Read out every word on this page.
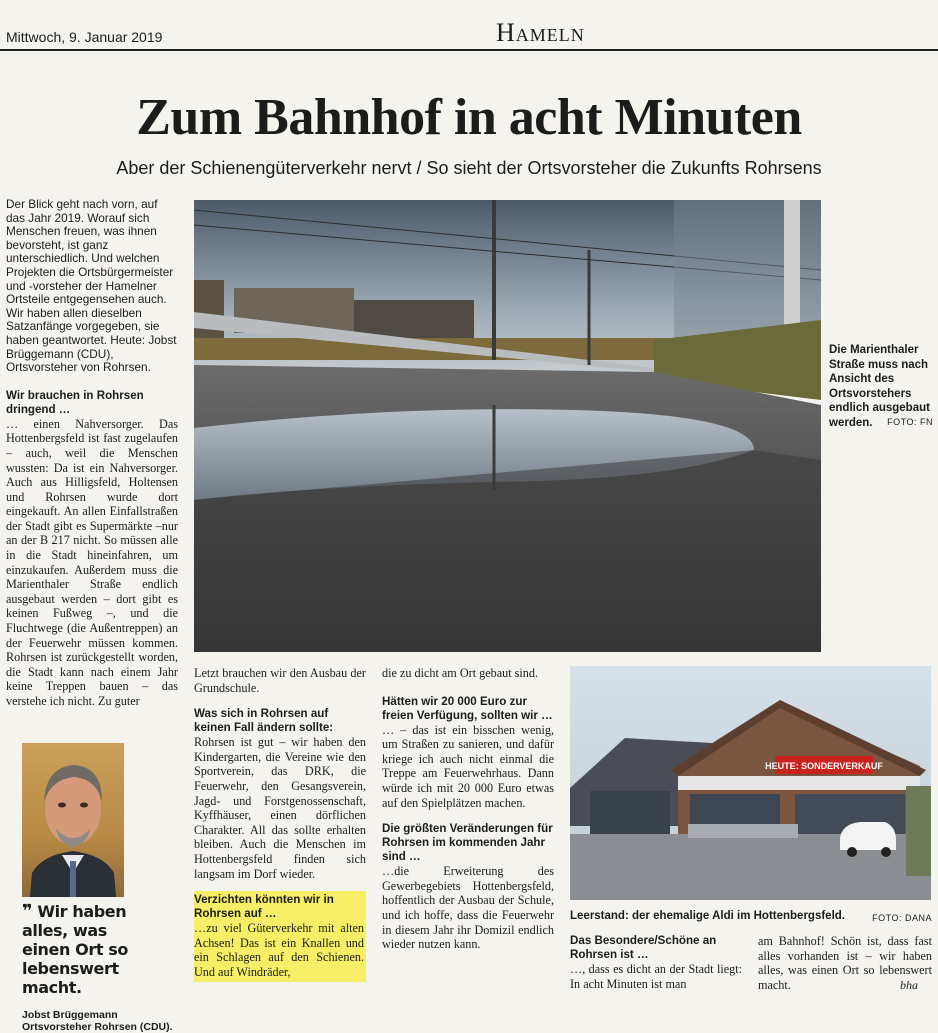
Mittwoch, 9. Januar 2019	Hameln
Zum Bahnhof in acht Minuten
Aber der Schienengüterverkehr nervt / So sieht der Ortsvorsteher die Zukunfts Rohrsens

Der Blick geht nach vorn, auf das Jahr 2019. Worauf sich Menschen freuen, was ihnen bevorsteht, ist ganz unterschiedlich. Und welchen Projekten die Ortsbürgermeister und -vorsteher der Hamelner Ortsteile entgegensehen auch. Wir haben allen dieselben Satzanfänge vorgegeben, sie haben geantwortet. Heute: Jobst Brüggemann (CDU), Ortsvorsteher von Rohrsen.

Wir brauchen in Rohrsen dringend …

… einen Nahversorger. Das Hottenbergsfeld ist fast zugelaufen – auch, weil die Menschen wussten: Da ist ein Nahversorger. Auch aus Hilligsfeld, Holtensen und Rohrsen wurde dort eingekauft. An allen Einfallstraßen der Stadt gibt es Supermärkte –nur an der B 217 nicht. So müssen alle in die Stadt hineinfahren, um einzukaufen. Außerdem muss die Marienthaler Straße endlich ausgebaut werden – dort gibt es keinen Fußweg –, und die Fluchtwege (die Außentreppen) an der Feuerwehr müssen kommen. Rohrsen ist zurückgestellt worden, die Stadt kann nach einem Jahr keine Treppen bauen – das verstehe ich nicht. Zu guter

❞ Wir haben alles, was einen Ort so lebenswert macht.
Jobst Brüggemann
Ortsvorsteher Rohrsen (CDU).
Die Marienthaler Straße muss nach Ansicht des Ortsvorstehers endlich ausgebaut werden.	FOTO: FN

Letzt brauchen wir den Ausbau der Grundschule.

Was sich in Rohrsen auf keinen Fall ändern sollte:

Rohrsen ist gut – wir haben den Kindergarten, die Vereine wie den Sportverein, das DRK, die Feuerwehr, den Gesangsverein, Jagd- und Forstgenossenschaft, Kyffhäuser, einen dörflichen Charakter. All das sollte erhalten bleiben. Auch die Menschen im Hottenbergsfeld finden sich langsam im Dorf wieder.

Verzichten könnten wir in Rohrsen auf …

…zu viel Güterverkehr mit alten Achsen! Das ist ein Knallen und ein Schlagen auf den Schienen. Und auf Windräder,

die zu dicht am Ort gebaut sind.

Hätten wir 20 000 Euro zur freien Verfügung, sollten wir …

… – das ist ein bisschen wenig, um Straßen zu sanieren, und dafür kriege ich auch nicht einmal die Treppe am Feuerwehrhaus. Dann würde ich mit 20 000 Euro etwas auf den Spielplätzen machen.

Die größten Veränderungen für Rohrsen im kommenden Jahr sind …

…die Erweiterung des Gewerbegebiets Hottenbergsfeld, hoffentlich der Ausbau der Schule, und ich hoffe, dass die Feuerwehr in diesem Jahr ihr Domizil endlich wieder nutzen kann.

HEUTE: SONDERVERKAUF
Leerstand: der ehemalige Aldi im Hottenbergsfeld.	FOTO: DANA

Das Besondere/Schöne an Rohrsen ist …

…, dass es dicht an der Stadt liegt: In acht Minuten ist man

am Bahnhof! Schön ist, dass fast alles vorhanden ist – wir haben alles, was einen Ort so lebenswert macht.	bha
